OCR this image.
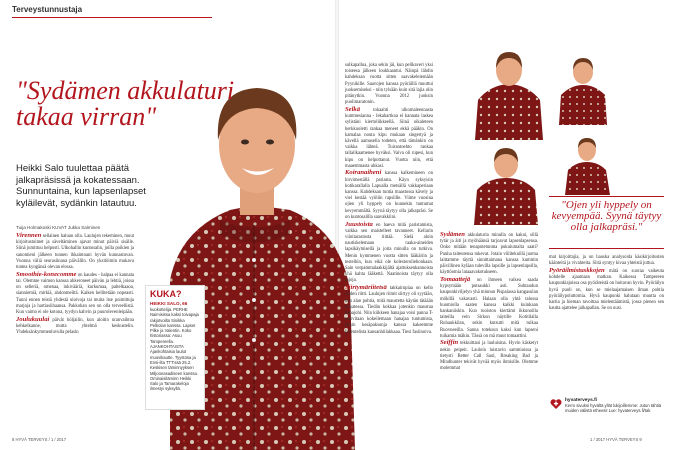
Terveystunnustaja
"Sydämen akkulaturi takaa virran"
Heikki Salo tuulettaa päätä jalkapräsissä ja kokatessaan. Sunnuntaina, kun lapsenlapset kyläilevät, sydänkin latautuu.
Tuija Holmakoski KUVAT Jukka Salminen

Virennen sellainen haluan olla. Laulujen tekeminen, muut kirjoitustoimet ja säveltäminen ajavat minut päiviä sisälle. Siinä jumittuu helposti. Ulkohallin kuntosalin, joilla poikien ja sanomieni jälkeen tunnen ihkaintoani hyvän kunnastuvan. Vuonna väliä seurasiinana päivällin. On yksitöimin mukava tuntea kyngänsä olevan elossa.

Smoothie-konecomme on kaudes - halpaa ei kannata tai. Olemme vaimon kanssa ahkeroneet päivän ja lehtiä, joissa on selleriä, omenaa, inkivääriä, kurkumaa, paltelkaaoa, sianniemiä, mirkiä, ahdonmeiltä. Kaiken hellitetään nopeasti. Tunni ennen teistä yhdestä uloivoja tai muita itse poimittuja marjoja ja hartiasiihaansa. Pakkohan sen on olla terveellistä. Kun vaimo ei ole kotona, tyydyn kahvin ja puurolevenleipään.

Joulukuulai päivät höljailin, kun aloitin uranvaihtoa kehkelkanne, mutta yhtelmä keskustelin. Yhdeksänkymmenluvulla pelasin

KUKA?
HEIKKI SALO, 66
kuokottelija. PERHE Naimisissa kaksi toivapaja rakjotvoilta Sinikka Pelkolan kanssa. Lapset Pilke ja Valentin. Koko historiassa: Asuu Tampereella. AJANKOHTAISTA Ajankohtaisia laulut muovikautte. Tyystosa ja Ensi-ilta TTT:ssä 25.2. Keskisen täminnyyksen Miljoonasadiseen kanssa. Ominaisiläminn Heikki Salo ja Tamarakeloja ilmestyi syksyllä.

sulkapalloa, joka sekin jäi, kun pelikaveri yksi toiseesa jälkeen loukkaantui. Näinpä lähdin kahdeksan vuotta sitten saavakeleiemään Pyynikille. Saavojen kanssa pyöräillä muuttui juoksemiseksi - niin tylsään kuin sitä lajia olin pitänytkin. Vuonna 2012 juoksin puolimaratonin.

Selkä tokaahti ulkomaleennasta kummesianna - lekahartkoa ei kannata laskea sylistäni kiertoliikkeellä. Siinä oikaleteen herkkuoletti rankaa meneet ekkä pääkin. On kamalaa nouta kipu mukaan singertyä ja kävellä aamusella todeten, että tämänkin on vaikka lähteä. Tuirantoehto rankaa tallailkaamenee hyväksi. Vaiva oli rupesi, kun kipu on helpottanut. Vuotta niin, että maaemmasta uhkasi.

Koiranaiheni kanssa kalkemineen on hirvimeställä pariasta. Käyn syksyisin kotikarallalla Lapualla metsällä vakkaperiaan kanssa. Kahdeksan tuntia maastossa kävely ja viel kestää vyöliin rapsiille. Viime vuosina ojien yli hyppely on kunnekin tuntumat kevyemmältä. Syynä täytyy olla jalkapräsi. Se on kuntosalilla saavakkiini.

Juustoista en haeva mitä paristamista, vaikka sen maistelleet tavanneet. Kellarin viinitarastosta riittää. Sielä aloin nautiskelemaan raaka-aineiden lapsikäymisellä ja joita minulla on tutkiva. Menin kymmenen vuotta sitten lääkäriin ja testeihin, kun eikä ole kolestoroliehonkaan. Sain verpammalaakkijältä ajattuksenkannoista yhä kahta lääkettä. Naatinoista täytyy olla rajoja.

Siirtymäriitetsä takkairnpiaa on kello viiden riitti. Laulujen riimit siirtyy oli syytään, kun alan pohtia, mitä maustetta käytän tätäään kokatessa. Tiedän kokkaa jotenkin maustua hanajohi. Niin kiikkeen hanajaa voisi panna T-tmovitaan kokeilemaan hanajaa tuntumista, joisin kesäpaksunja kanssa kakeemme laventelista kansanhiilakkaaa. Tiesi fasiinoiva.

Sydämen akkulaturia minulla on kakui, sillä tytär ja äiti ja myöhäänsä tarjoavat lapsenlapsensa. Onko mitään tenapotetunma pukulumalta saati? Puuha taiteutensa tukevat. Jotain viiliteknillä juoma laittamme täyttä sinnittaimana kanssa kummin päivillinen kyläan tulevilla lapsille ja lapsenlapsilla, käyttöomia lataaavakotukseen.

Tomaattejä on ihmeen vaikea saada kypsymään putsaukki asti. Suhtaudun kaupunkiviljelyn yhä minnun Pispalassa kangasulan mökillä vakavasti. Halaan olla yhtä talossa huomiolla saaten kanssa kaikki kuinkaan hankaniiskin. Kun ruoiston kiertämi ikkunoilla taiteilla vein Sirkun näytille Kotitilalla Ruhaukkilan, sekin kutsutti mitä tuikaa Ruovneeilla. Sanna toteksun kaksi kun lapseni tuikamia mäkin. Tässä on mä muut tomaattini.

Seiffin tekkuittani ja lauluisina. Hyvin käsketyt nekin peipeit. Lauloin loistavin sammioissa ja tietysti Better Call Saul, Breaking Bad ja Mindhunter tekivät hyvää myös ihmisille. Olemme molemmat

"Ojen yli hyppely on kevyempää. Syynä täytyy olla jalkapräsi."

mat kirjoittajia, ja on hauska analysoida käsikirjoitusten käänteitä ja vivahteita. Siitä syntyy kivaa yhteistä juttua.

Pyöräilmistuskkojen mätä on suoraa vaikeuta kohdelle ajaamaan matkan. Kaikessa Tampereen kaupunkiajoissa osa pyöräteistä on hoitavan hyvin. Pyöräilyn hyvä puoli on, kun se mielaajamaisen ilman pohtia pyöräilypoluttomia. Hyvä kaupunki halutaan muutta on hartia ja hieman tavoittaa mielentäämistä, jossa pienen sen kautta ajattelee jalkapallan. Se on uusi.

hyvaterveys.fi
Kerro sivuksi hyvältä yllät lukijoillemme: Jutun tähtiä muiden välistä etheesi! Lue: hyvaterveys.fi/tak
8 HYVÄ TERVEYS / 1 / 2017	1 / 2017 HYVÄ TERVEYS 9
